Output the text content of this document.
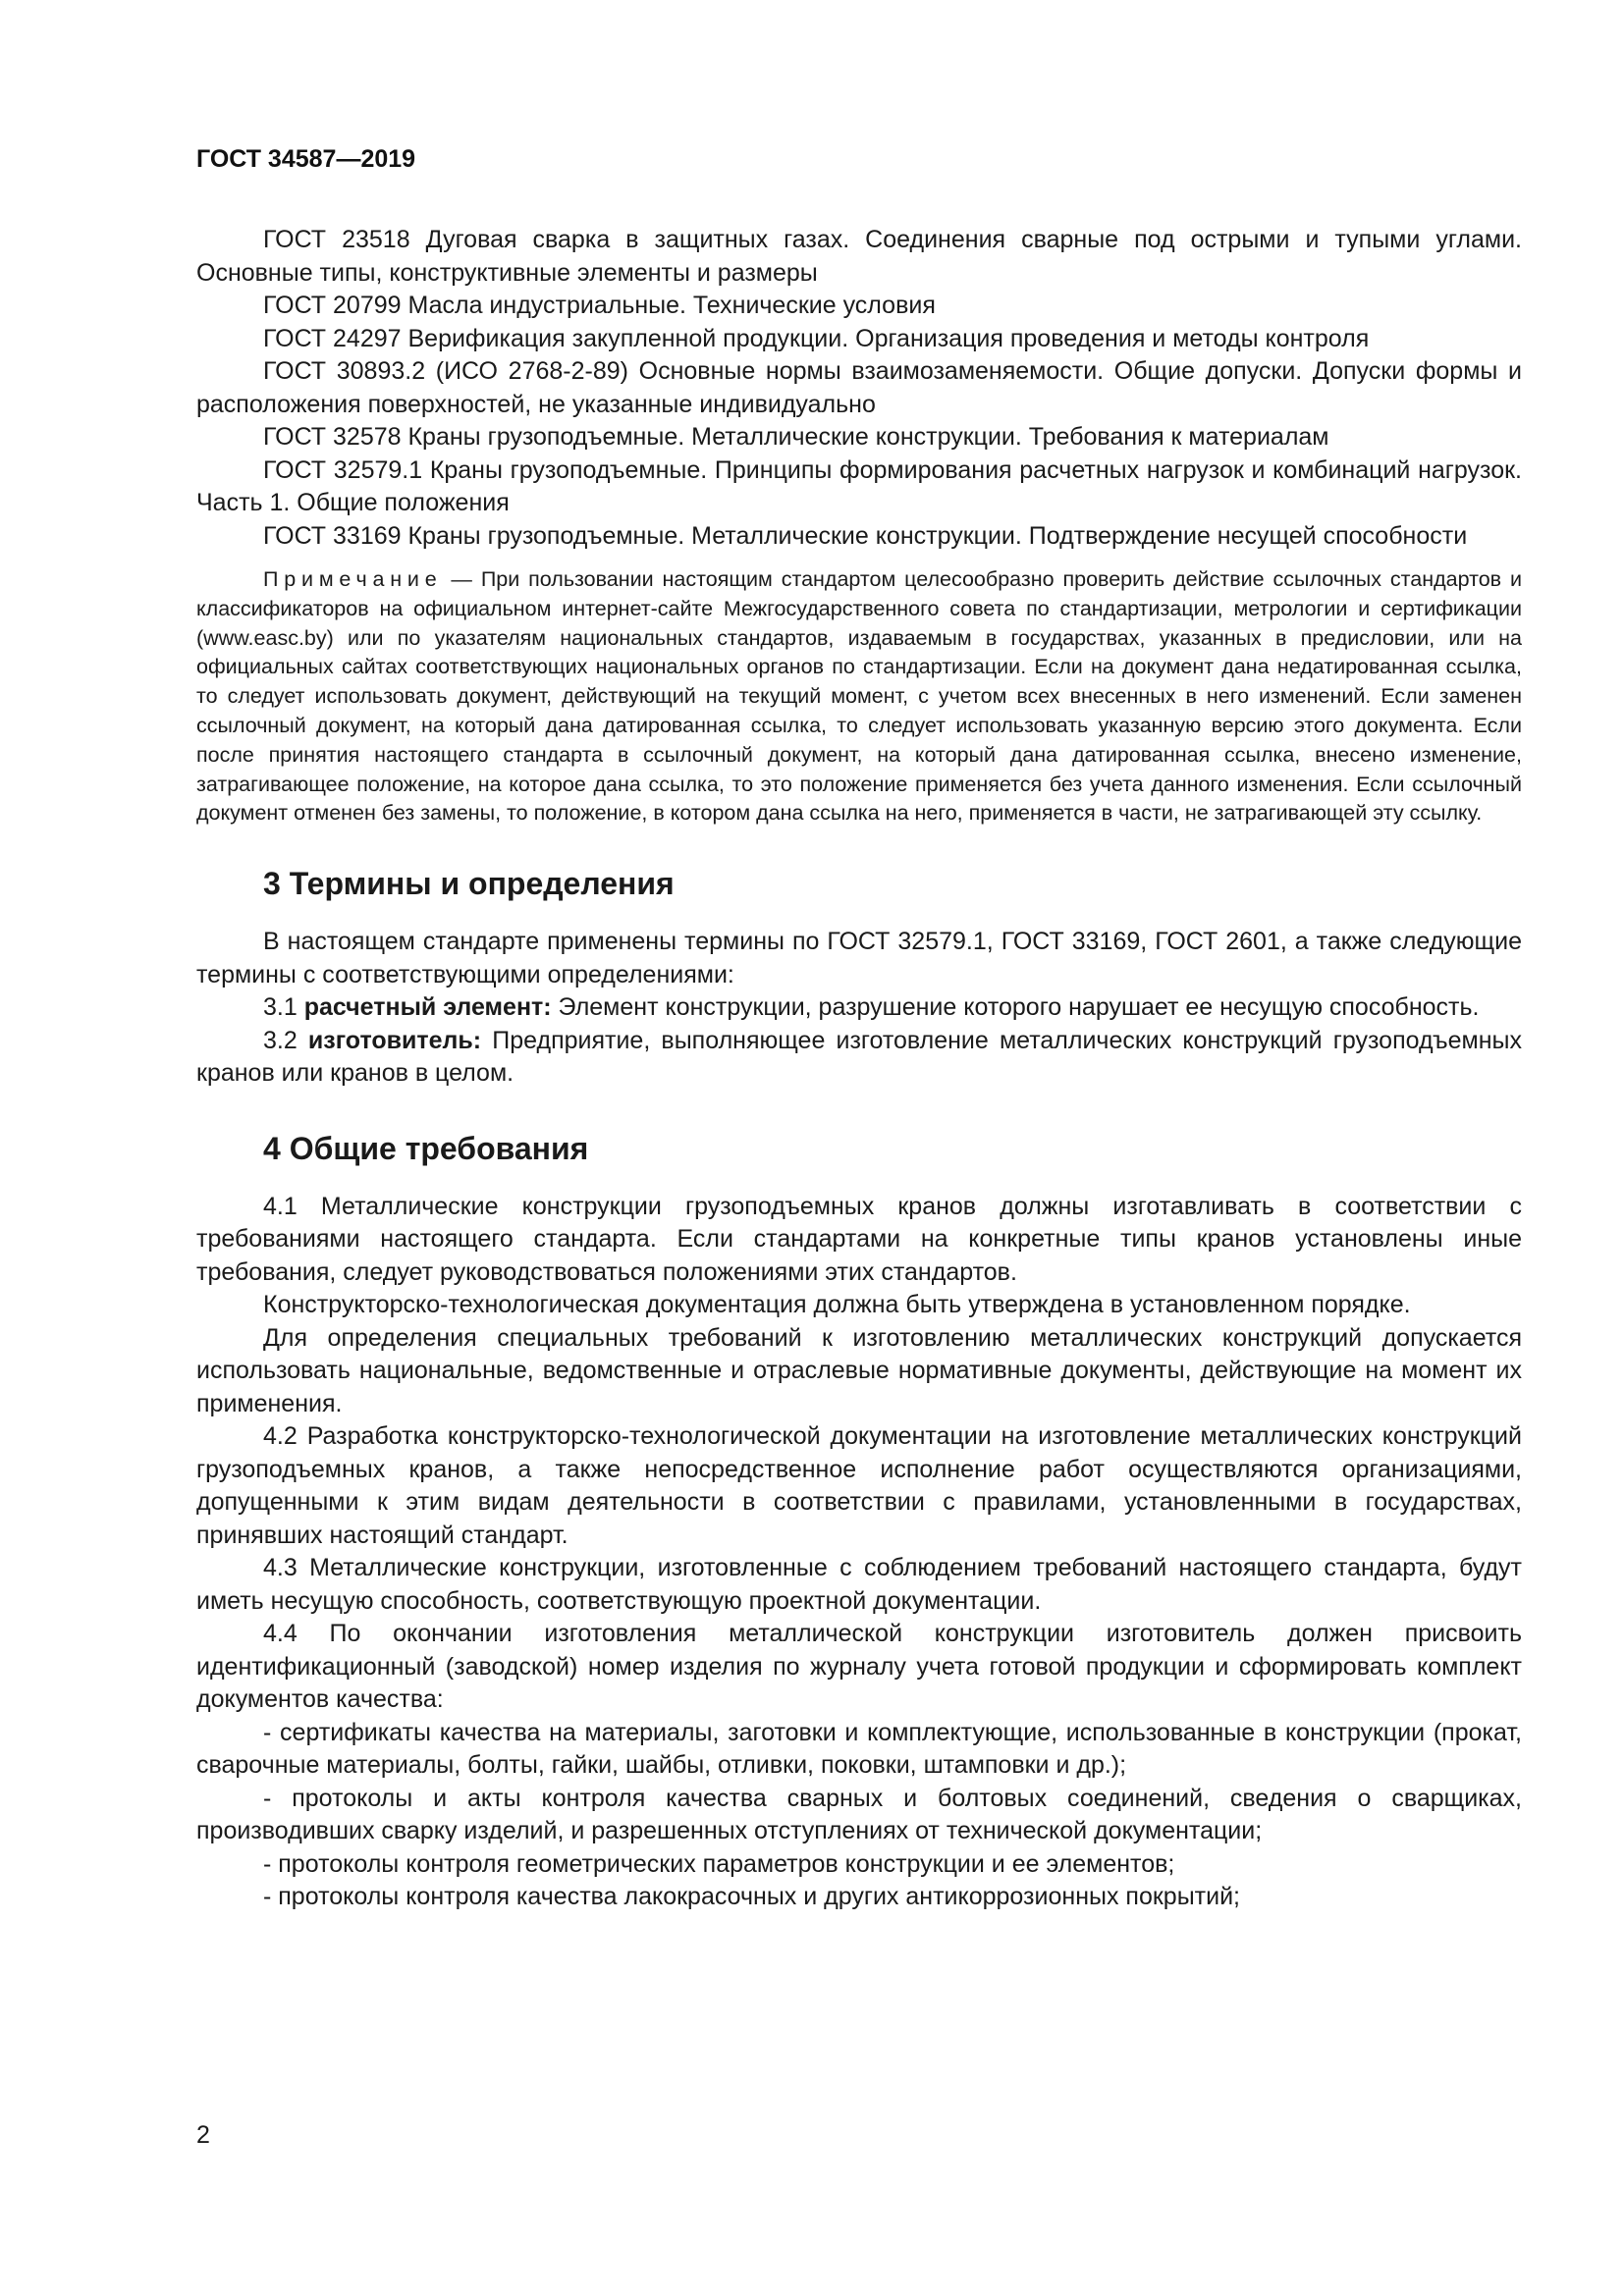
ГОСТ 34587—2019

ГОСТ 23518 Дуговая сварка в защитных газах. Соединения сварные под острыми и тупыми углами. Основные типы, конструктивные элементы и размеры

ГОСТ 20799 Масла индустриальные. Технические условия

ГОСТ 24297 Верификация закупленной продукции. Организация проведения и методы контроля

ГОСТ 30893.2 (ИСО 2768-2-89) Основные нормы взаимозаменяемости. Общие допуски. Допуски формы и расположения поверхностей, не указанные индивидуально

ГОСТ 32578 Краны грузоподъемные. Металлические конструкции. Требования к материалам

ГОСТ 32579.1 Краны грузоподъемные. Принципы формирования расчетных нагрузок и комбинаций нагрузок. Часть 1. Общие положения

ГОСТ 33169 Краны грузоподъемные. Металлические конструкции. Подтверждение несущей способности

Примечание — При пользовании настоящим стандартом целесообразно проверить действие ссылочных стандартов и классификаторов на официальном интернет-сайте Межгосударственного совета по стандартизации, метрологии и сертификации (www.easc.by) или по указателям национальных стандартов, издаваемым в государствах, указанных в предисловии, или на официальных сайтах соответствующих национальных органов по стандартизации. Если на документ дана недатированная ссылка, то следует использовать документ, действующий на текущий момент, с учетом всех внесенных в него изменений. Если заменен ссылочный документ, на который дана датированная ссылка, то следует использовать указанную версию этого документа. Если после принятия настоящего стандарта в ссылочный документ, на который дана датированная ссылка, внесено изменение, затрагивающее положение, на которое дана ссылка, то это положение применяется без учета данного изменения. Если ссылочный документ отменен без замены, то положение, в котором дана ссылка на него, применяется в части, не затрагивающей эту ссылку.

3 Термины и определения

В настоящем стандарте применены термины по ГОСТ 32579.1, ГОСТ 33169, ГОСТ 2601, а также следующие термины с соответствующими определениями:

3.1 расчетный элемент: Элемент конструкции, разрушение которого нарушает ее несущую способность.

3.2 изготовитель: Предприятие, выполняющее изготовление металлических конструкций грузоподъемных кранов или кранов в целом.

4 Общие требования

4.1 Металлические конструкции грузоподъемных кранов должны изготавливать в соответствии с требованиями настоящего стандарта. Если стандартами на конкретные типы кранов установлены иные требования, следует руководствоваться положениями этих стандартов.

Конструкторско-технологическая документация должна быть утверждена в установленном порядке.

Для определения специальных требований к изготовлению металлических конструкций допускается использовать национальные, ведомственные и отраслевые нормативные документы, действующие на момент их применения.

4.2 Разработка конструкторско-технологической документации на изготовление металлических конструкций грузоподъемных кранов, а также непосредственное исполнение работ осуществляются организациями, допущенными к этим видам деятельности в соответствии с правилами, установленными в государствах, принявших настоящий стандарт.

4.3 Металлические конструкции, изготовленные с соблюдением требований настоящего стандарта, будут иметь несущую способность, соответствующую проектной документации.

4.4 По окончании изготовления металлической конструкции изготовитель должен присвоить идентификационный (заводской) номер изделия по журналу учета готовой продукции и сформировать комплект документов качества:

- сертификаты качества на материалы, заготовки и комплектующие, использованные в конструкции (прокат, сварочные материалы, болты, гайки, шайбы, отливки, поковки, штамповки и др.);

- протоколы и акты контроля качества сварных и болтовых соединений, сведения о сварщиках, производивших сварку изделий, и разрешенных отступлениях от технической документации;

- протоколы контроля геометрических параметров конструкции и ее элементов;

- протоколы контроля качества лакокрасочных и других антикоррозионных покрытий;

2
